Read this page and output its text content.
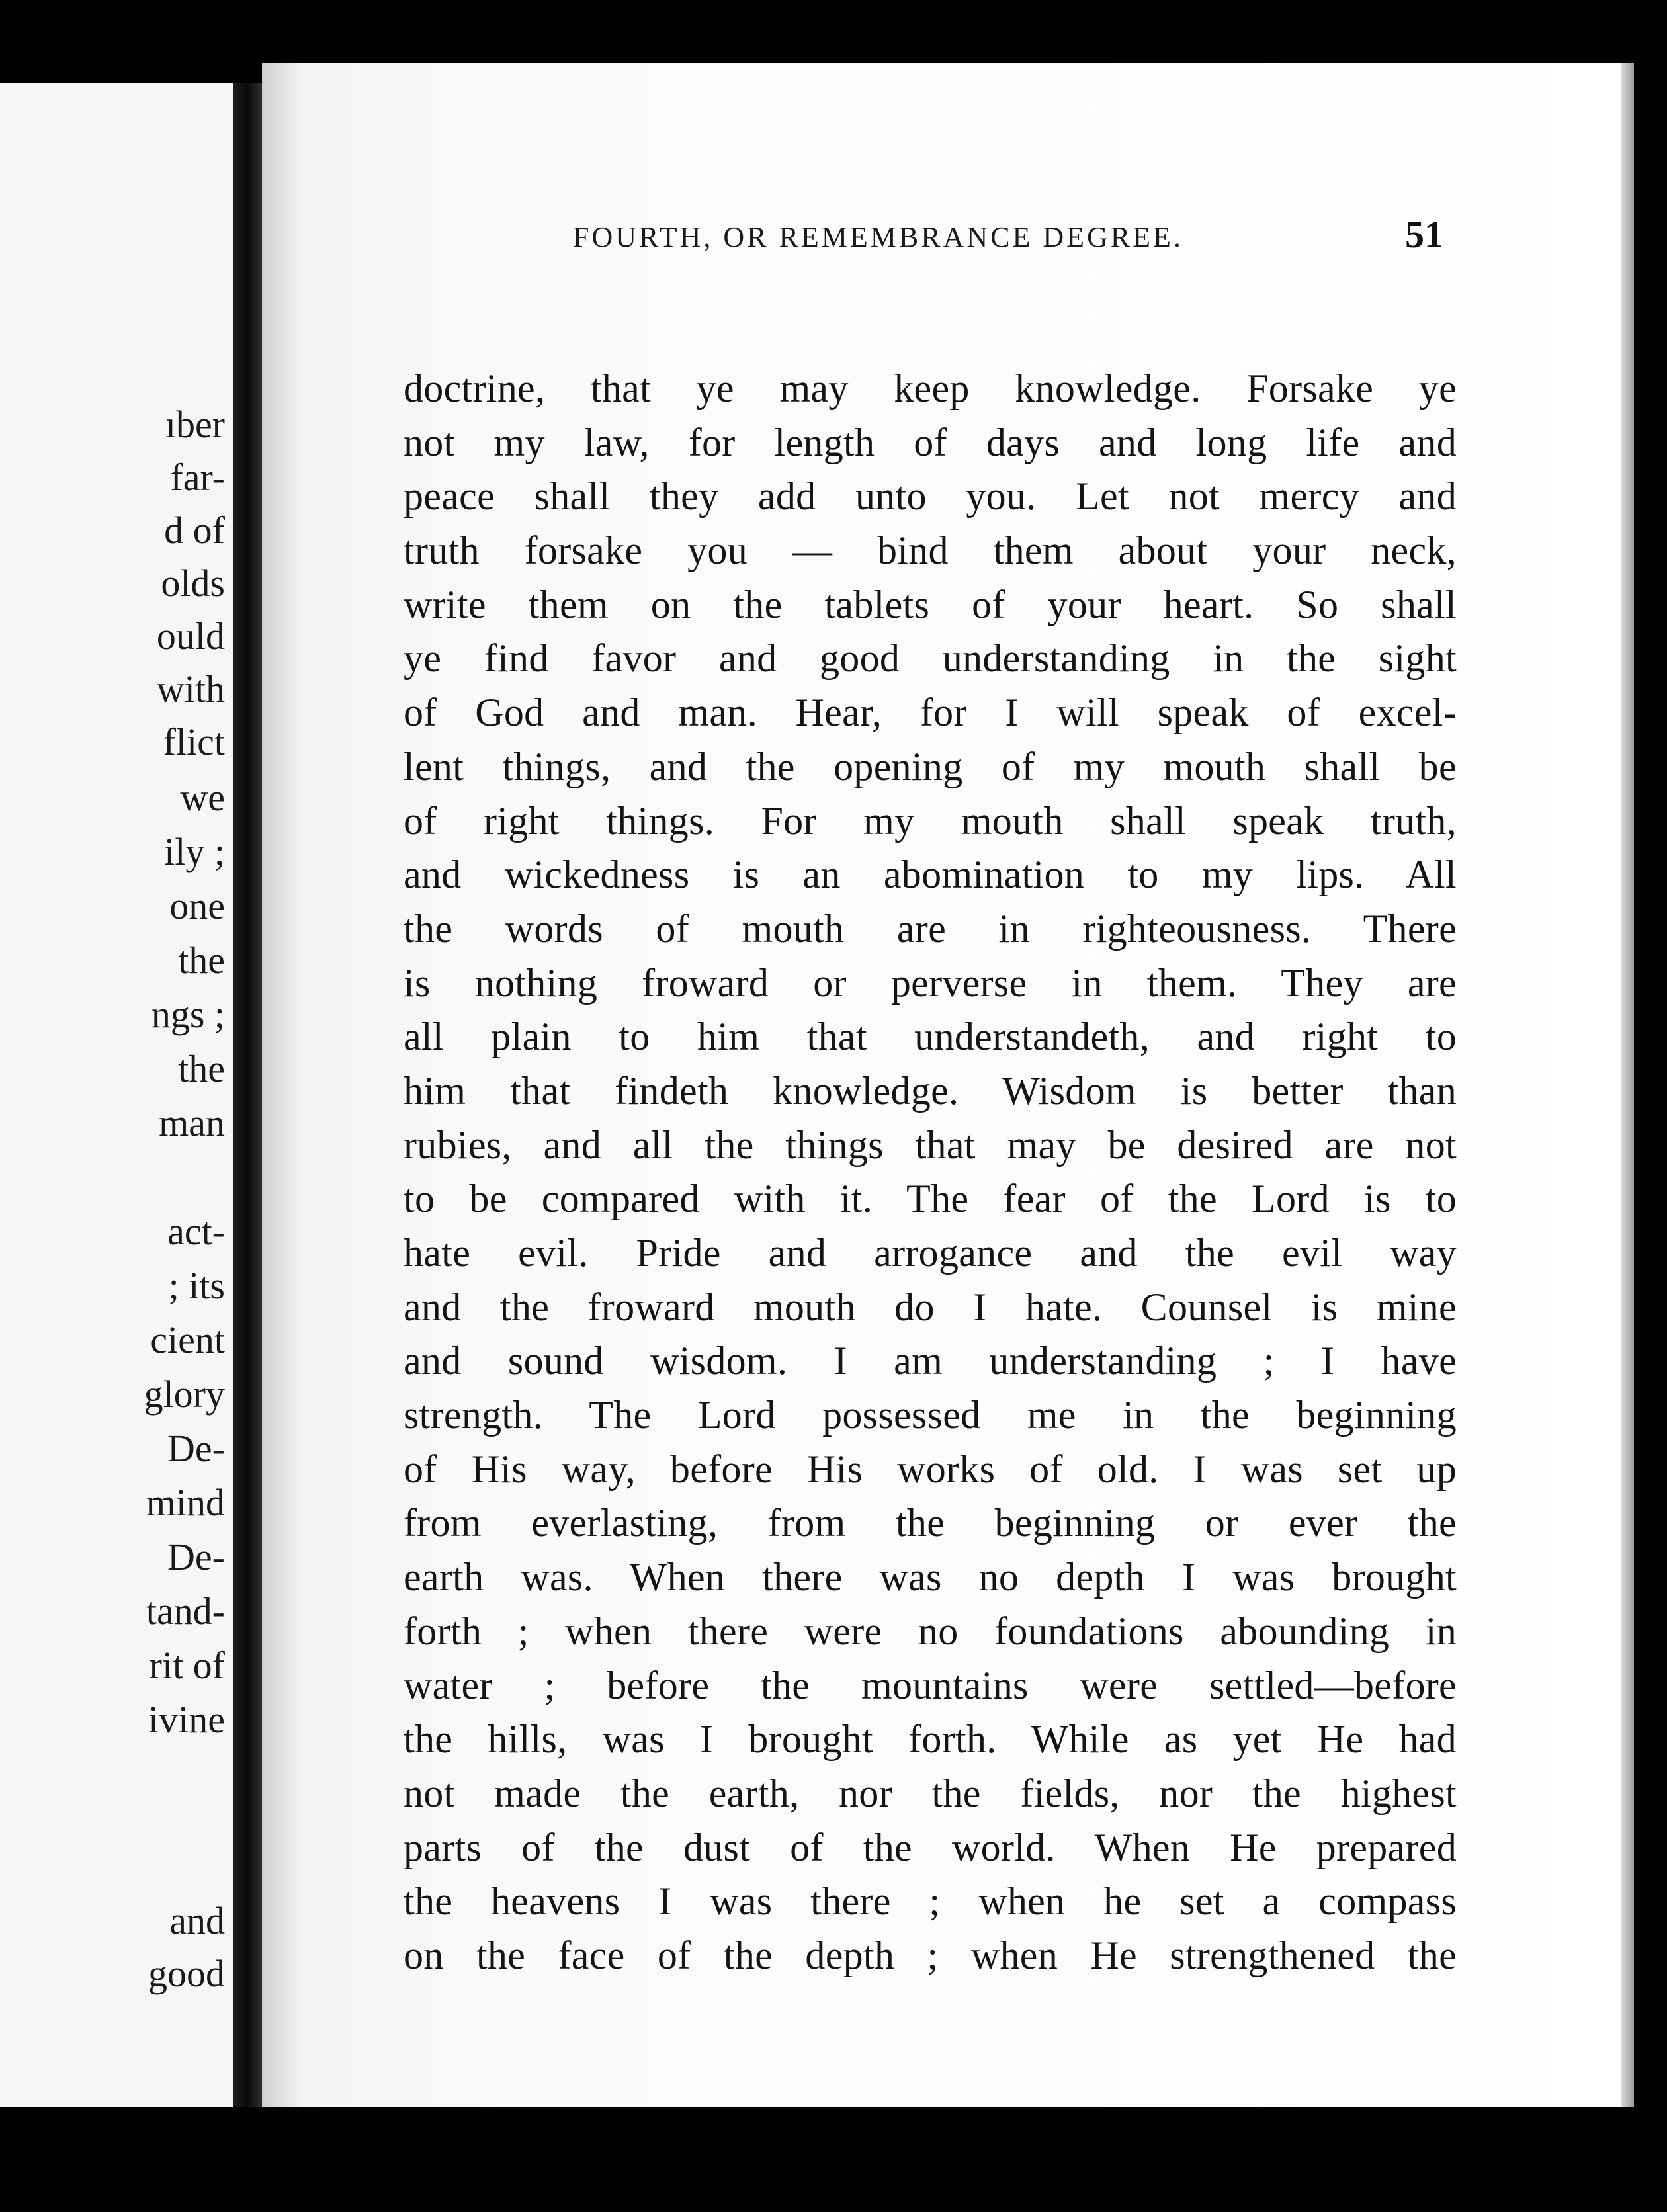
ıber

far-

d of

olds

ould

with

flict

we

ily ;

one

the

ngs ;

the

man

act-

; its

cient

glory

De-

mind

De-

tand-

rit of

ivine

and

good

FOURTH, OR REMEMBRANCE DEGREE.	51

doctrine, that ye may keep knowledge. Forsake ye
not my law, for length of days and long life and
peace shall they add unto you. Let not mercy and
truth forsake you — bind them about your neck,
write them on the tablets of your heart. So shall
ye find favor and good understanding in the sight
of God and man. Hear, for I will speak of excel-
lent things, and the opening of my mouth shall be
of right things. For my mouth shall speak truth,
and wickedness is an abomination to my lips. All
the words of mouth are in righteousness. There
is nothing froward or perverse in them. They are
all plain to him that understandeth, and right to
him that findeth knowledge. Wisdom is better than
rubies, and all the things that may be desired are not
to be compared with it. The fear of the Lord is to
hate evil. Pride and arrogance and the evil way
and the froward mouth do I hate. Counsel is mine
and sound wisdom. I am understanding ; I have
strength. The Lord possessed me in the beginning
of His way, before His works of old. I was set up
from everlasting, from the beginning or ever the
earth was. When there was no depth I was brought
forth ; when there were no foundations abounding in
water ; before the mountains were settled—before
the hills, was I brought forth. While as yet He had
not made the earth, nor the fields, nor the highest
parts of the dust of the world. When He prepared
the heavens I was there ; when he set a compass
on the face of the depth ; when He strengthened the
